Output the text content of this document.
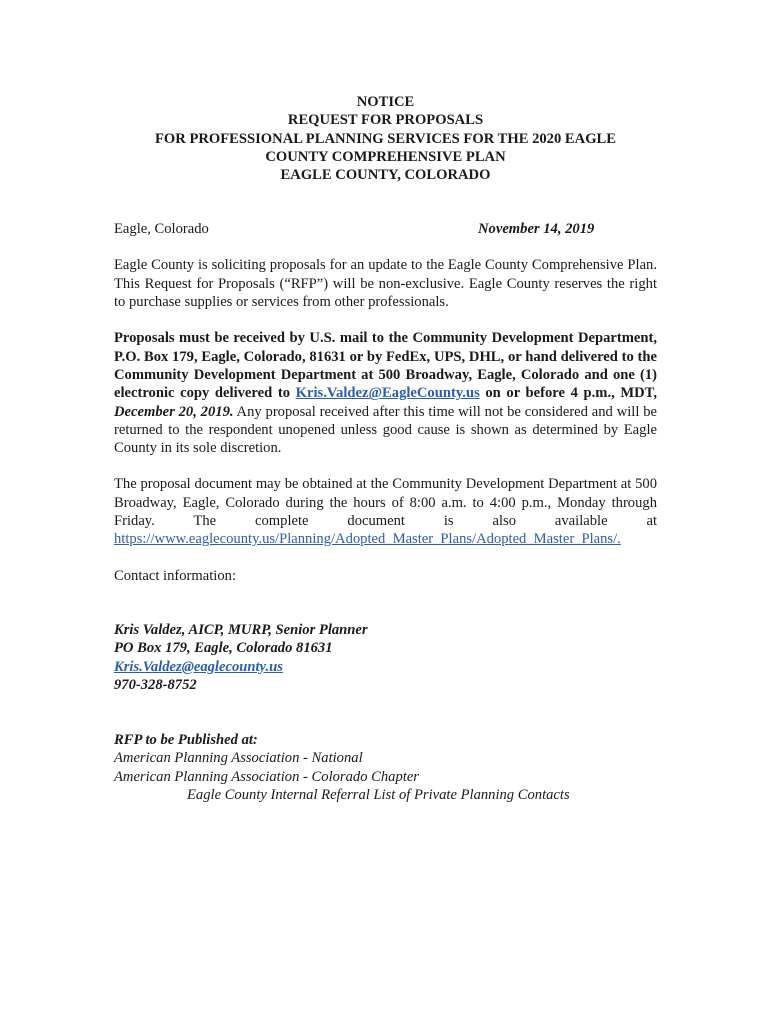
NOTICE
REQUEST FOR PROPOSALS
FOR PROFESSIONAL PLANNING SERVICES FOR THE 2020 EAGLE
COUNTY COMPREHENSIVE PLAN
EAGLE COUNTY, COLORADO
Eagle, Colorado	November 14, 2019

Eagle County is soliciting proposals for an update to the Eagle County Comprehensive Plan. This Request for Proposals (“RFP”) will be non-exclusive. Eagle County reserves the right to purchase supplies or services from other professionals.

Proposals must be received by U.S. mail to the Community Development Department, P.O. Box 179, Eagle, Colorado, 81631 or by FedEx, UPS, DHL, or hand delivered to the Community Development Department at 500 Broadway, Eagle, Colorado and one (1) electronic copy delivered to Kris.Valdez@EagleCounty.us on or before 4 p.m., MDT, December 20, 2019. Any proposal received after this time will not be considered and will be returned to the respondent unopened unless good cause is shown as determined by Eagle County in its sole discretion.

The proposal document may be obtained at the Community Development Department at 500 Broadway, Eagle, Colorado during the hours of 8:00 a.m. to 4:00 p.m., Monday through Friday. The complete document is also available at https://www.eaglecounty.us/Planning/Adopted_Master_Plans/Adopted_Master_Plans/.

Contact information:

Kris Valdez, AICP, MURP, Senior Planner
PO Box 179, Eagle, Colorado 81631
Kris.Valdez@eaglecounty.us
970-328-8752
RFP to be Published at:
American Planning Association - National
American Planning Association - Colorado Chapter
Eagle County Internal Referral List of Private Planning Contacts
